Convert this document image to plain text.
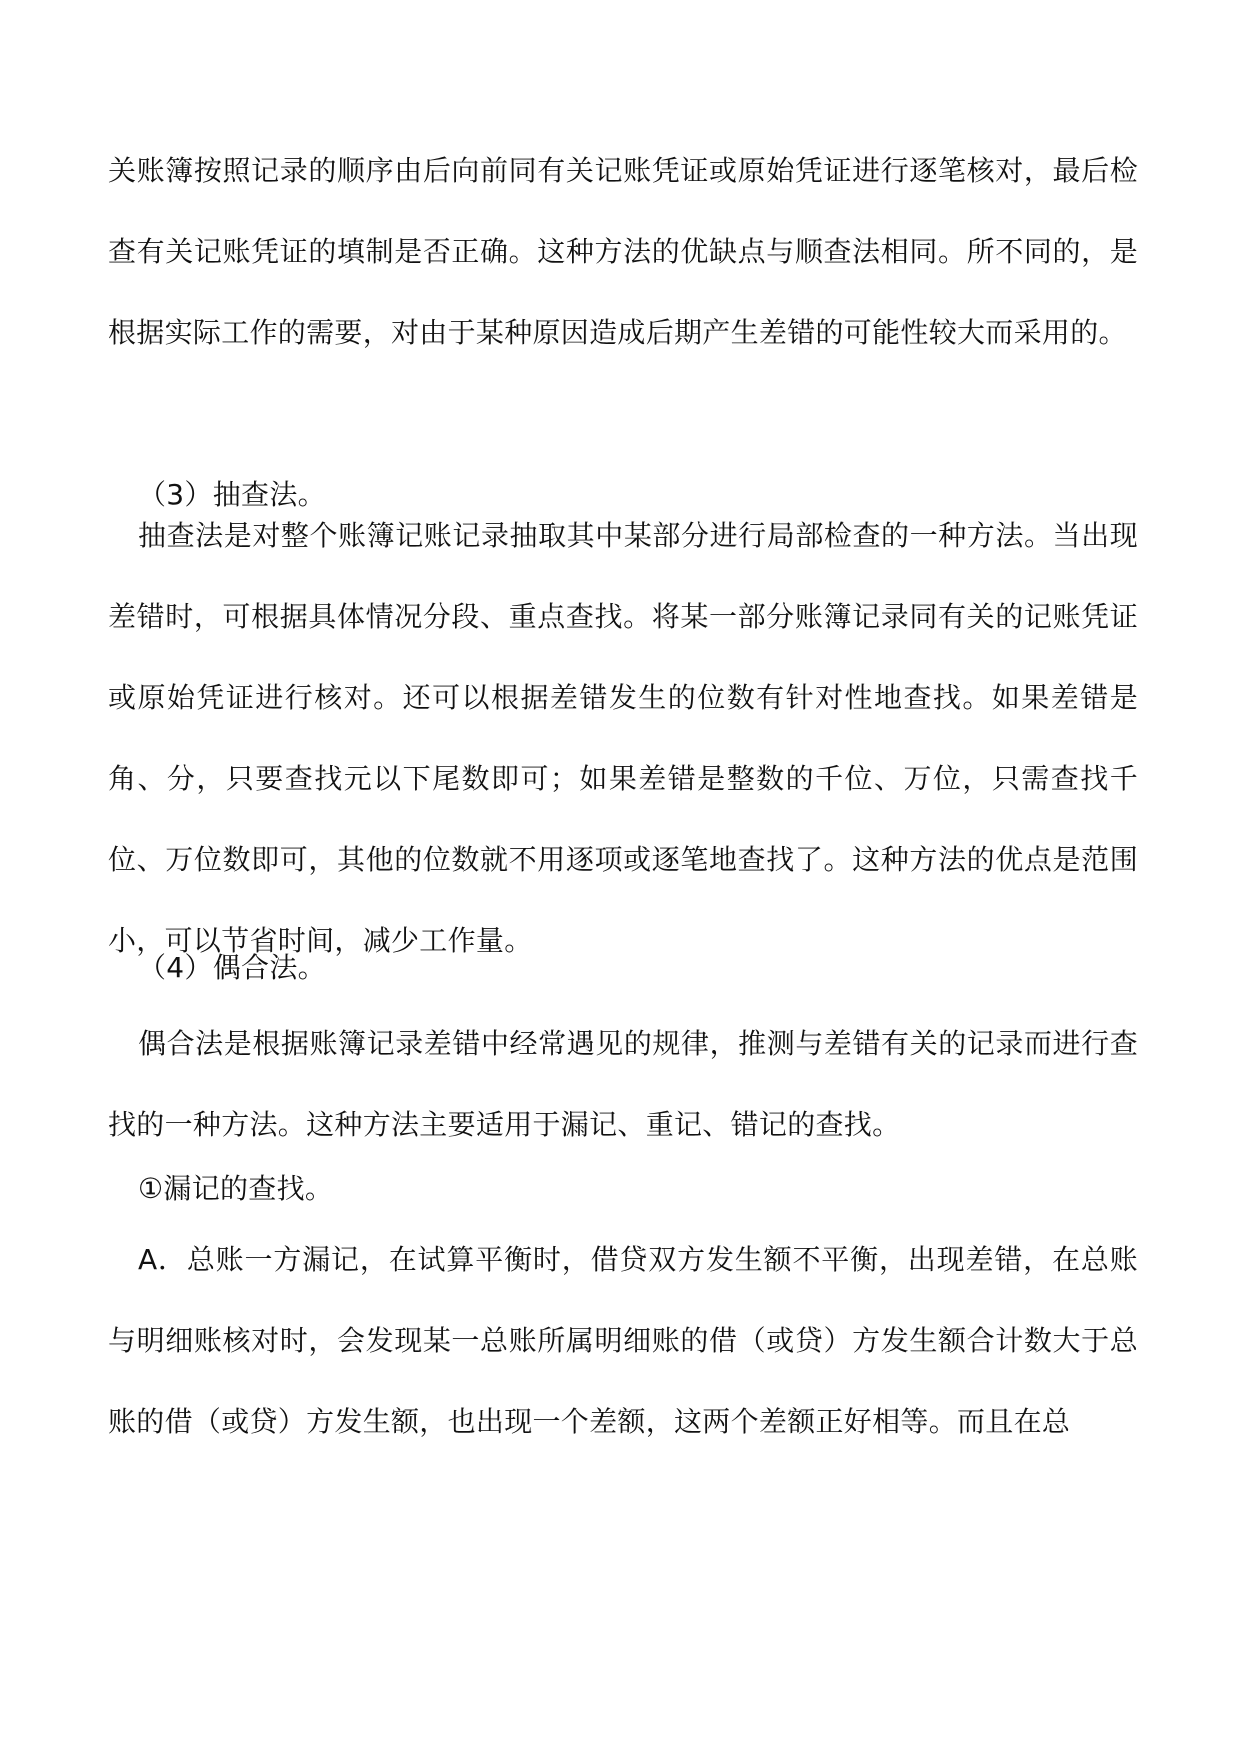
关账簿按照记录的顺序由后向前同有关记账凭证或原始凭证进行逐笔核对，最后检查有关记账凭证的填制是否正确。这种方法的优缺点与顺查法相同。所不同的，是根据实际工作的需要，对由于某种原因造成后期产生差错的可能性较大而采用的。

（3）抽查法。

抽查法是对整个账簿记账记录抽取其中某部分进行局部检查的一种方法。当出现差错时，可根据具体情况分段、重点查找。将某一部分账簿记录同有关的记账凭证或原始凭证进行核对。还可以根据差错发生的位数有针对性地查找。如果差错是角、分，只要查找元以下尾数即可；如果差错是整数的千位、万位，只需查找千位、万位数即可，其他的位数就不用逐项或逐笔地查找了。这种方法的优点是范围小，可以节省时间，减少工作量。

（4）偶合法。

偶合法是根据账簿记录差错中经常遇见的规律，推测与差错有关的记录而进行查找的一种方法。这种方法主要适用于漏记、重记、错记的查找。

①漏记的查找。

A．总账一方漏记，在试算平衡时，借贷双方发生额不平衡，出现差错，在总账与明细账核对时，会发现某一总账所属明细账的借（或贷）方发生额合计数大于总账的借（或贷）方发生额，也出现一个差额，这两个差额正好相等。而且在总
